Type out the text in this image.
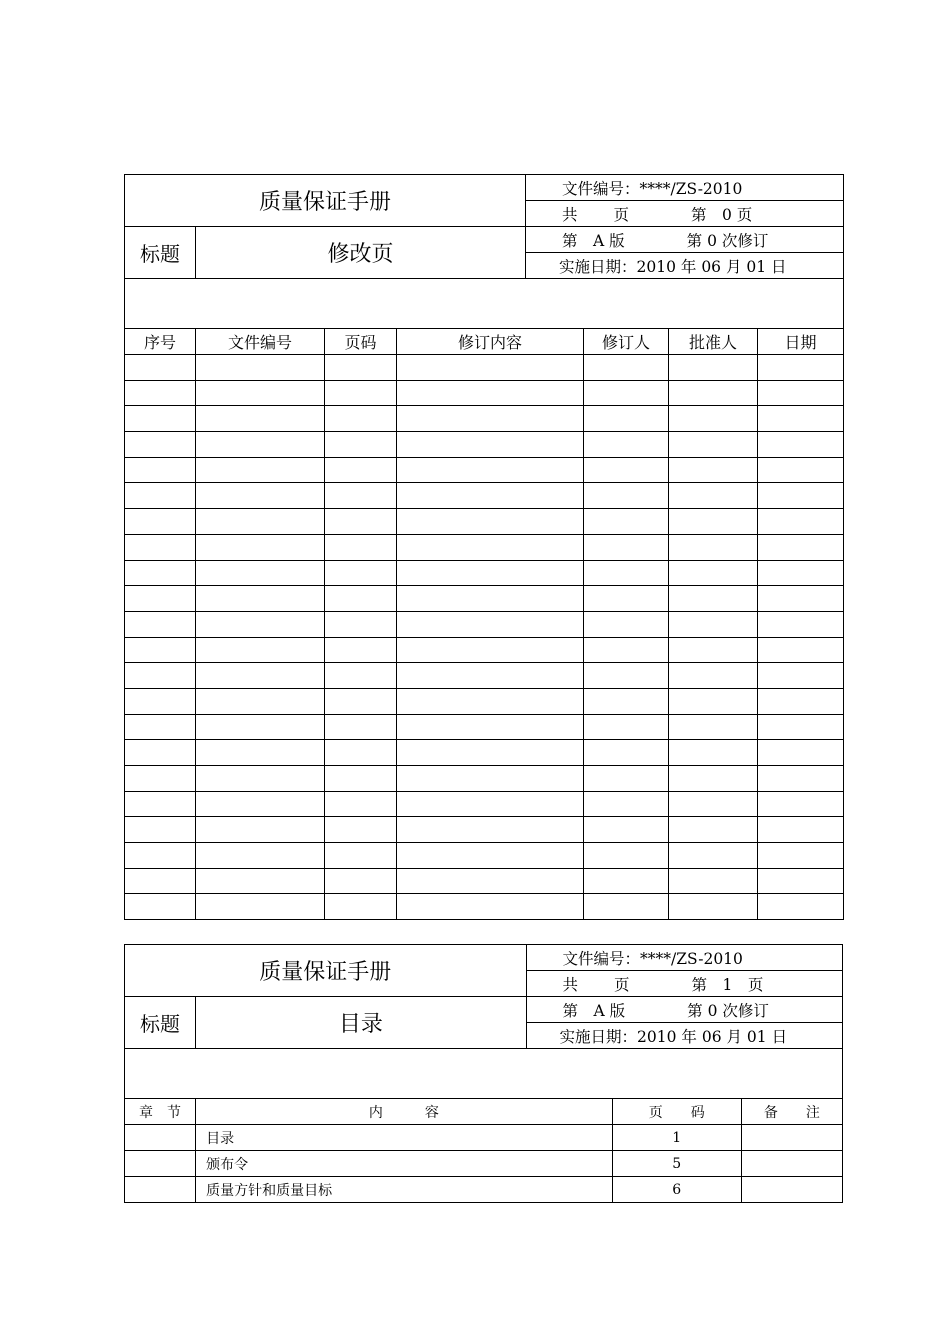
质量保证手册				文件编号：****/ZS-2010			
				共　　 页　　　　第　0 页			
标题	修改页			第　A 版　　　　第 0 次修订			
				实施日期：2010 年 06 月 01 日			

序号	文件编号	页码	修订内容		修订人	批准人	日期

质量保证手册		文件编号：****/ZS-2010		
		共　　 页　　　　第　1　页		
标题	目录	第　A 版　　　　第 0 次修订		
		实施日期：2010 年 06 月 01 日		

章　节	内　　　容		页　　码	备　　注
	目录		1	
	颁布令		5	
	质量方针和质量目标		6	
